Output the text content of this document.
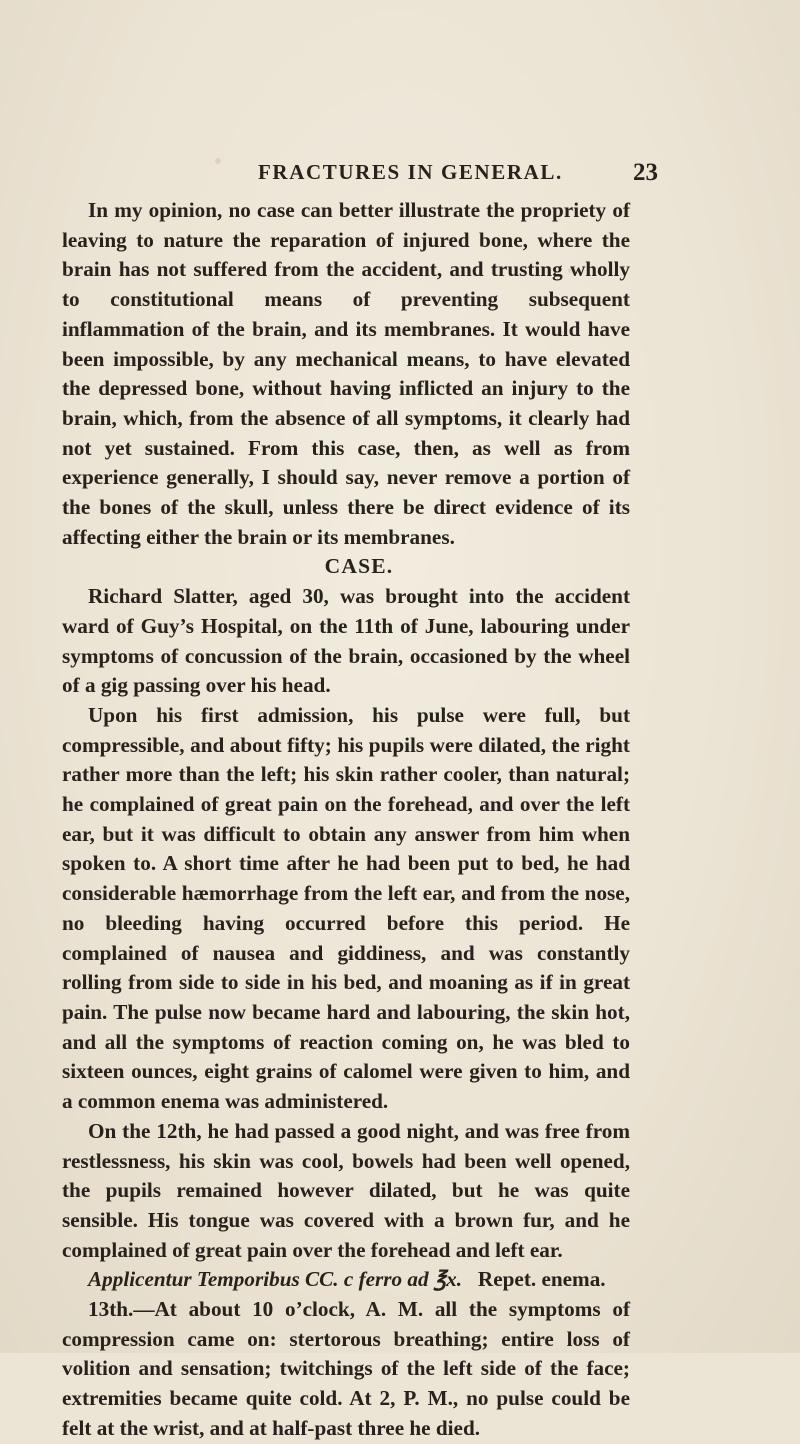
FRACTURES IN GENERAL.	23

In my opinion, no case can better illustrate the propriety of leaving to nature the reparation of injured bone, where the brain has not suffered from the accident, and trusting wholly to constitutional means of preventing subsequent inflammation of the brain, and its membranes. It would have been impossible, by any mechanical means, to have elevated the depressed bone, without having inflicted an injury to the brain, which, from the absence of all symptoms, it clearly had not yet sustained. From this case, then, as well as from experience generally, I should say, never remove a portion of the bones of the skull, unless there be direct evidence of its affecting either the brain or its membranes.

CASE.

Richard Slatter, aged 30, was brought into the accident ward of Guy’s Hospital, on the 11th of June, labouring under symptoms of concussion of the brain, occasioned by the wheel of a gig passing over his head.

Upon his first admission, his pulse were full, but compressible, and about fifty; his pupils were dilated, the right rather more than the left; his skin rather cooler, than natural; he complained of great pain on the forehead, and over the left ear, but it was difficult to obtain any answer from him when spoken to. A short time after he had been put to bed, he had considerable hæmorrhage from the left ear, and from the nose, no bleeding having occurred before this period. He complained of nausea and giddiness, and was constantly rolling from side to side in his bed, and moaning as if in great pain. The pulse now became hard and labouring, the skin hot, and all the symptoms of reaction coming on, he was bled to sixteen ounces, eight grains of calomel were given to him, and a common enema was administered.

On the 12th, he had passed a good night, and was free from restlessness, his skin was cool, bowels had been well opened, the pupils remained however dilated, but he was quite sensible. His tongue was covered with a brown fur, and he complained of great pain over the forehead and left ear.

Applicentur Temporibus CC. c ferro ad ℥x. Repet. enema.

13th.—At about 10 o’clock, A. M. all the symptoms of compression came on: stertorous breathing; entire loss of volition and sensation; twitchings of the left side of the face; extremities became quite cold. At 2, P. M., no pulse could be felt at the wrist, and at half-past three he died.
